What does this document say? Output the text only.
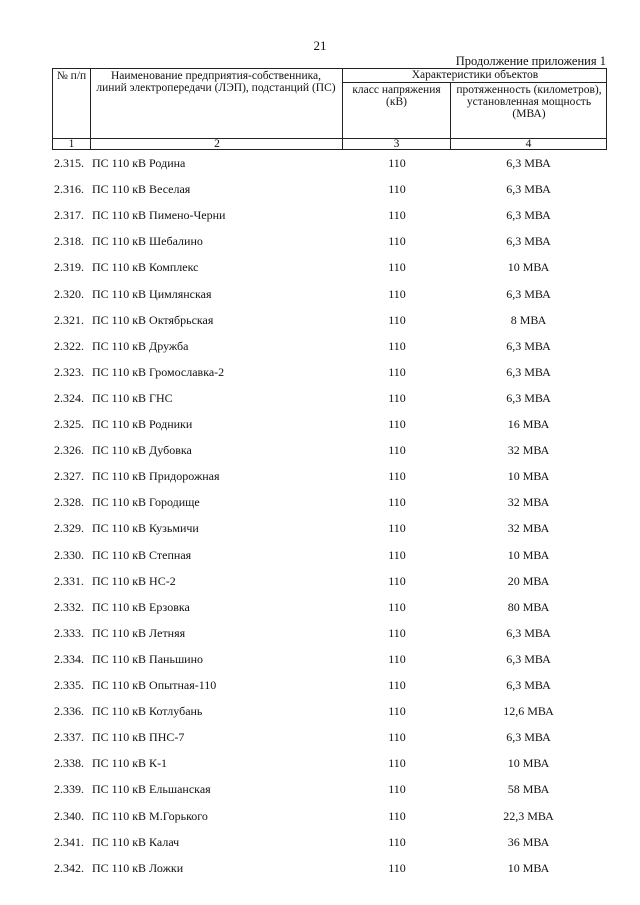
21
Продолжение приложения 1
№ п/п	Наименование предприятия-собственника, линий электропередачи (ЛЭП), подстанций (ПС)
Характеристики объектов
класс напряжения (кВ)
протяженность (километров), установленная мощность (МВА)
1	2	3	4
2.315. ПС 110 кВ Родина	110	6,3 МВА
2.316. ПС 110 кВ Веселая	110	6,3 МВА
2.317. ПС 110 кВ Пимено-Черни	110	6,3 МВА
2.318. ПС 110 кВ Шебалино	110	6,3 МВА
2.319. ПС 110 кВ Комплекс	110	10 МВА
2.320. ПС 110 кВ Цимлянская	110	6,3 МВА
2.321. ПС 110 кВ Октябрьская	110	8 МВА
2.322. ПС 110 кВ Дружба	110	6,3 МВА
2.323. ПС 110 кВ Громославка-2	110	6,3 МВА
2.324. ПС 110 кВ ГНС	110	6,3 МВА
2.325. ПС 110 кВ Родники	110	16 МВА
2.326. ПС 110 кВ Дубовка	110	32 МВА
2.327. ПС 110 кВ Придорожная	110	10 МВА
2.328. ПС 110 кВ Городище	110	32 МВА
2.329. ПС 110 кВ Кузьмичи	110	32 МВА
2.330. ПС 110 кВ Степная	110	10 МВА
2.331. ПС 110 кВ НС-2	110	20 МВА
2.332. ПС 110 кВ Ерзовка	110	80 МВА
2.333. ПС 110 кВ Летняя	110	6,3 МВА
2.334. ПС 110 кВ Паньшино	110	6,3 МВА
2.335. ПС 110 кВ Опытная-110	110	6,3 МВА
2.336. ПС 110 кВ Котлубань	110	12,6 МВА
2.337. ПС 110 кВ ПНС-7	110	6,3 МВА
2.338. ПС 110 кВ К-1	110	10 МВА
2.339. ПС 110 кВ Ельшанская	110	58 МВА
2.340. ПС 110 кВ М.Горького	110	22,3 МВА
2.341. ПС 110 кВ Калач	110	36 МВА
2.342. ПС 110 кВ Ложки	110	10 МВА
